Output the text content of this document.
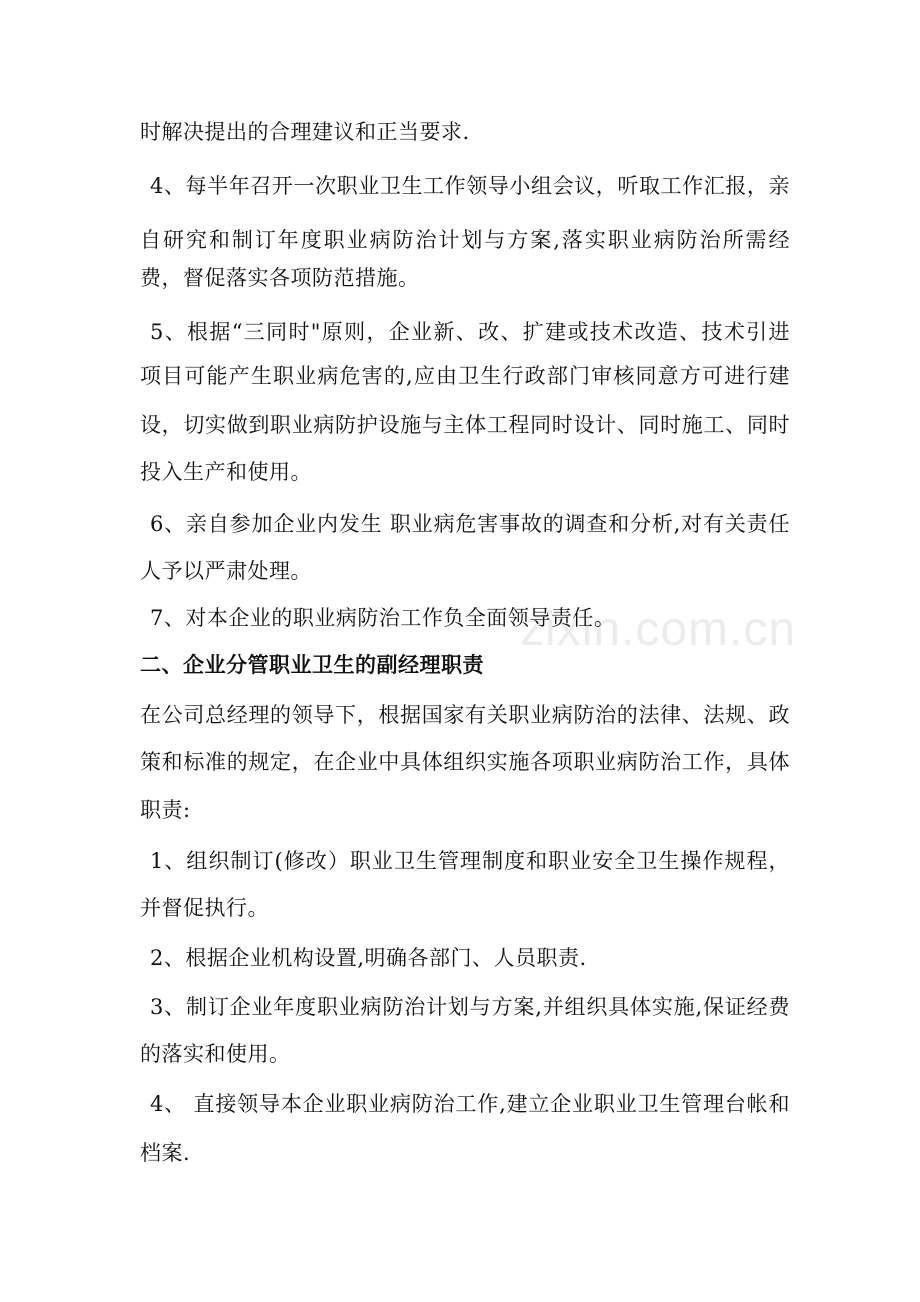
时解决提出的合理建议和正当要求.
4、每半年召开一次职业卫生工作领导小组会议，听取工作汇报，亲
自研究和制订年度职业病防治计划与方案,落实职业病防治所需经
费，督促落实各项防范措施。
5、根据“三同时"原则，企业新、改、扩建或技术改造、技术引进
项目可能产生职业病危害的,应由卫生行政部门审核同意方可进行建
设，切实做到职业病防护设施与主体工程同时设计、同时施工、同时
投入生产和使用。
6、亲自参加企业内发生 职业病危害事故的调查和分析,对有关责任
人予以严肃处理。
7、对本企业的职业病防治工作负全面领导责任。
二、企业分管职业卫生的副经理职责
在公司总经理的领导下，根据国家有关职业病防治的法律、法规、政
策和标准的规定，在企业中具体组织实施各项职业病防治工作，具体
职责:
1、组织制订(修改）职业卫生管理制度和职业安全卫生操作规程，
并督促执行。
2、根据企业机构设置,明确各部门、人员职责.
3、制订企业年度职业病防治计划与方案,并组织具体实施,保证经费
的落实和使用。
4、 直接领导本企业职业病防治工作,建立企业职业卫生管理台帐和
档案.
zixin.com.cn
